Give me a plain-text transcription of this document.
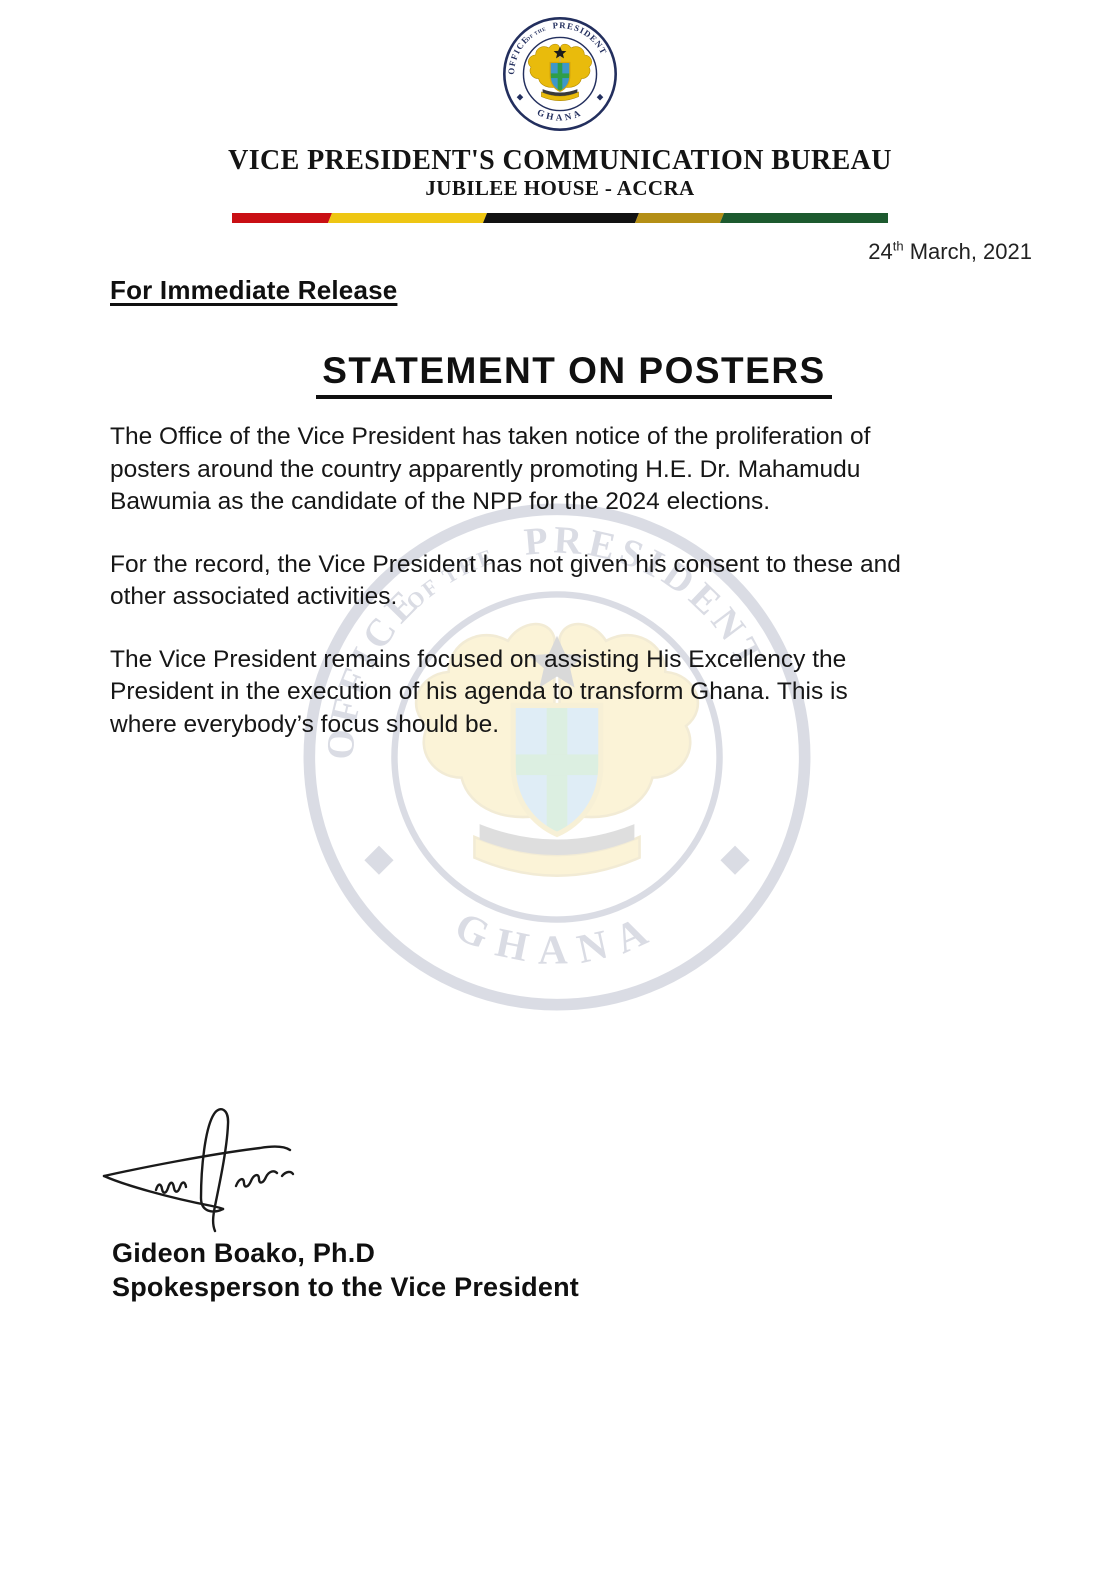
VICE PRESIDENT'S COMMUNICATION BUREAU
JUBILEE HOUSE - ACCRA
24th March, 2021
For Immediate Release
STATEMENT ON POSTERS

The Office of the Vice President has taken notice of the proliferation of
posters around the country apparently promoting H.E. Dr. Mahamudu
Bawumia as the candidate of the NPP for the 2024 elections.

For the record, the Vice President has not given his consent to these and
other associated activities.

The Vice President remains focused on assisting His Excellency the
President in the execution of his agenda to transform Ghana. This is
where everybody’s focus should be.

Gideon Boako, Ph.D
Spokesperson to the Vice President
